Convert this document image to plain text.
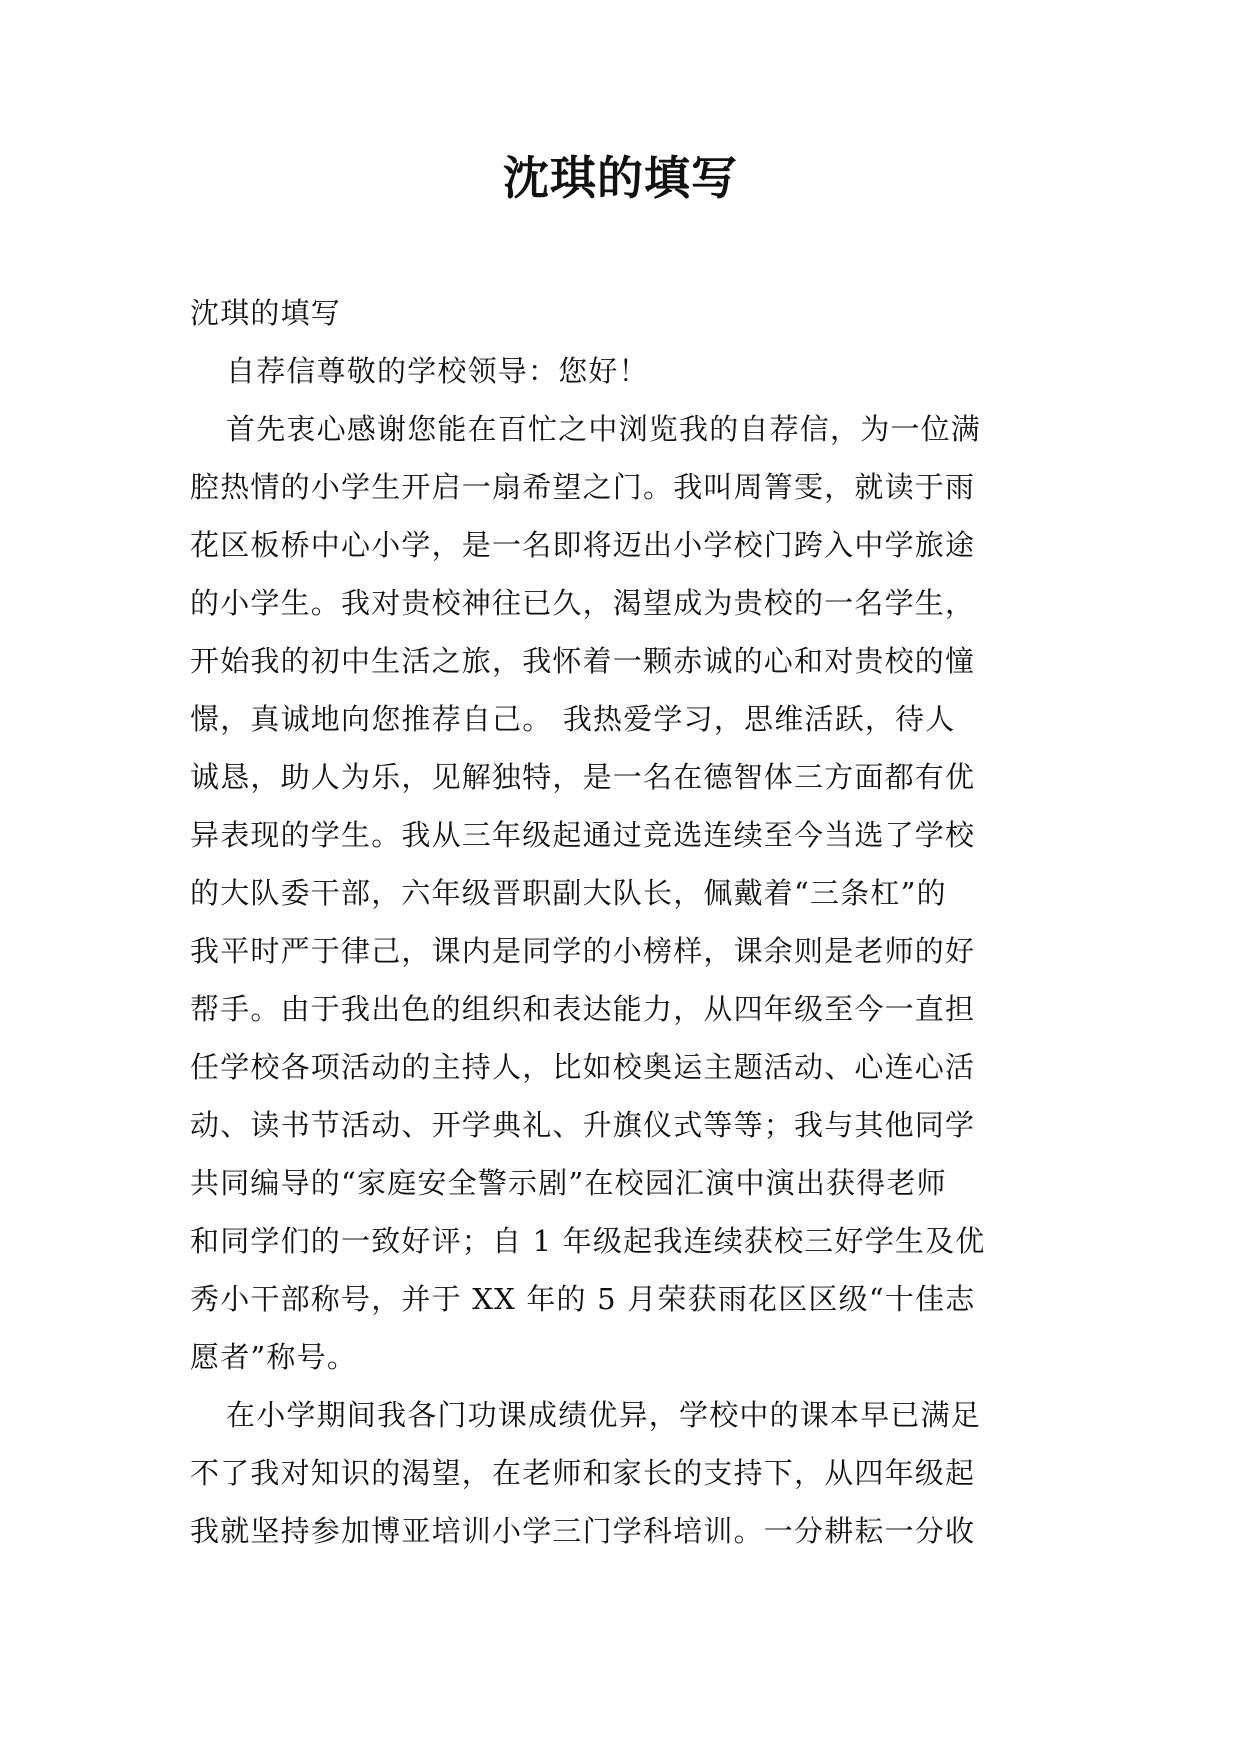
沈琪的填写
沈琪的填写
自荐信尊敬的学校领导：您好！
首先衷心感谢您能在百忙之中浏览我的自荐信，为一位满
腔热情的小学生开启一扇希望之门。我叫周箐雯，就读于雨
花区板桥中心小学，是一名即将迈出小学校门跨入中学旅途
的小学生。我对贵校神往已久，渴望成为贵校的一名学生，
开始我的初中生活之旅，我怀着一颗赤诚的心和对贵校的憧
憬，真诚地向您推荐自己。 我热爱学习，思维活跃，待人
诚恳，助人为乐，见解独特，是一名在德智体三方面都有优
异表现的学生。我从三年级起通过竞选连续至今当选了学校
的大队委干部，六年级晋职副大队长，佩戴着“三条杠”的
我平时严于律己，课内是同学的小榜样，课余则是老师的好
帮手。由于我出色的组织和表达能力，从四年级至今一直担
任学校各项活动的主持人，比如校奥运主题活动、心连心活
动、读书节活动、开学典礼、升旗仪式等等；我与其他同学
共同编导的“家庭安全警示剧”在校园汇演中演出获得老师
和同学们的一致好评；自 1 年级起我连续获校三好学生及优
秀小干部称号，并于 XX 年的 5 月荣获雨花区区级“十佳志
愿者”称号。
在小学期间我各门功课成绩优异，学校中的课本早已满足
不了我对知识的渴望，在老师和家长的支持下，从四年级起
我就坚持参加博亚培训小学三门学科培训。一分耕耘一分收
